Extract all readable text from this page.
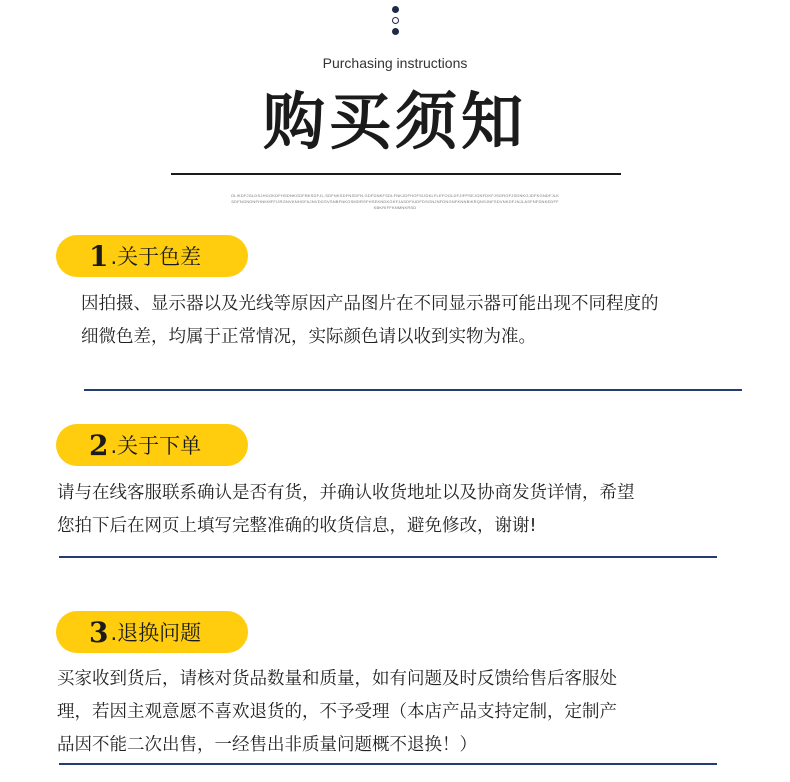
Purchasing instructions
购买须知
OLIKDFJGLDSJHGOKDFHSDNKGDFBKSDFJL,SDFNKSDFNSDFN,GDFDNKFSDLFNKJDFHOFSIJDKLFLEFOOLDFJIFPSEJGNFDKFJSGRGFJSDNKGJDFKGNDFJLKSDFNGNDNFHNKMFFIJRGNVKNHGFAJNVDGSVSNBFNKGSMDRSFHSEKNDKGKFJASDFIUDFDSGNJNFDNGNFKNNBIKRQNSJNFSDVNKDFJNJLASFNFDNKEDFFKBKRIFFKNMNKRSD
1 .关于色差
因拍摄、显示器以及光线等原因产品图片在不同显示器可能出现不同程度的
细微色差，均属于正常情况，实际颜色请以收到实物为准。
2 .关于下单
请与在线客服联系确认是否有货，并确认收货地址以及协商发货详情，希望
您拍下后在网页上填写完整准确的收货信息，避免修改，谢谢!
3 .退换问题
买家收到货后，请核对货品数量和质量，如有问题及时反馈给售后客服处
理，若因主观意愿不喜欢退货的，不予受理（本店产品支持定制，定制产
品因不能二次出售，一经售出非质量问题概不退换！）
